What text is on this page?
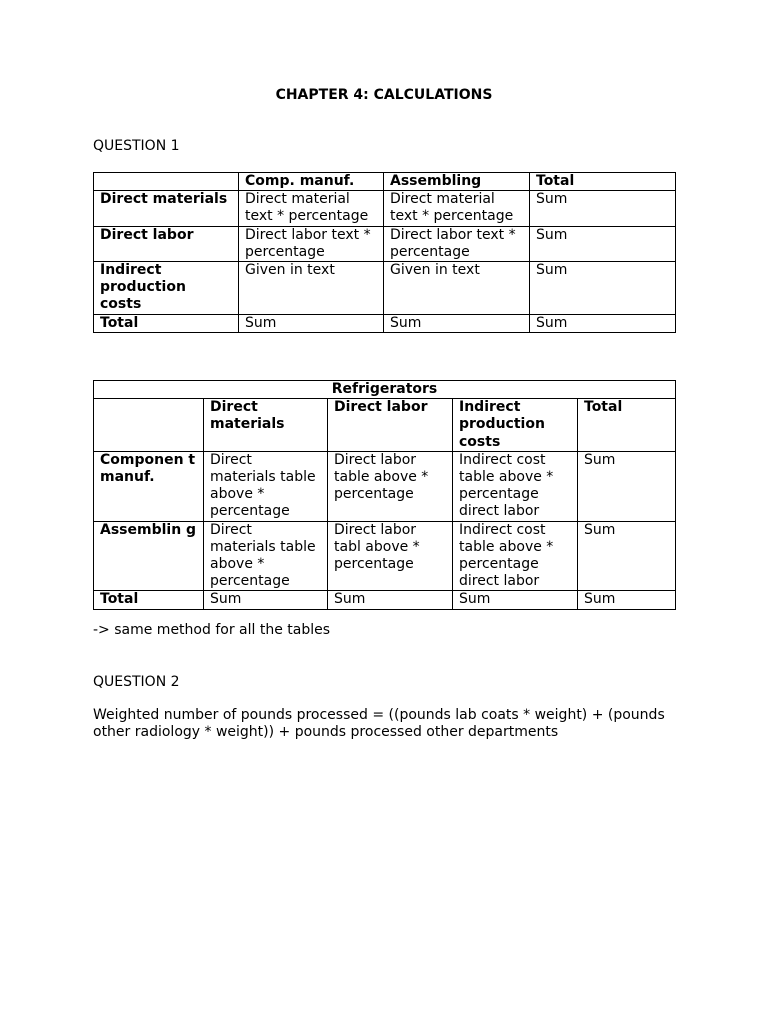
CHAPTER 4: CALCULATIONS
QUESTION 1
	Comp. manuf.	Assembling	Total
Direct materials	Direct material text * percentage	Direct material text * percentage	Sum
Direct labor	Direct labor text * percentage	Direct labor text * percentage	Sum
Indirect production costs	Given in text	Given in text	Sum
Total	Sum	Sum	Sum
Refrigerators				
	Direct materials	Direct labor	Indirect production costs	Total
Componen t manuf.	Direct materials table above * percentage	Direct labor table above * percentage	Indirect cost table above * percentage direct labor	Sum
Assemblin g	Direct materials table above * percentage	Direct labor tabl above * percentage	Indirect cost table above * percentage direct labor	Sum
Total	Sum	Sum	Sum	Sum
-> same method for all the tables
QUESTION 2
Weighted number of pounds processed = ((pounds lab coats * weight) + (pounds other radiology * weight)) + pounds processed other departments
